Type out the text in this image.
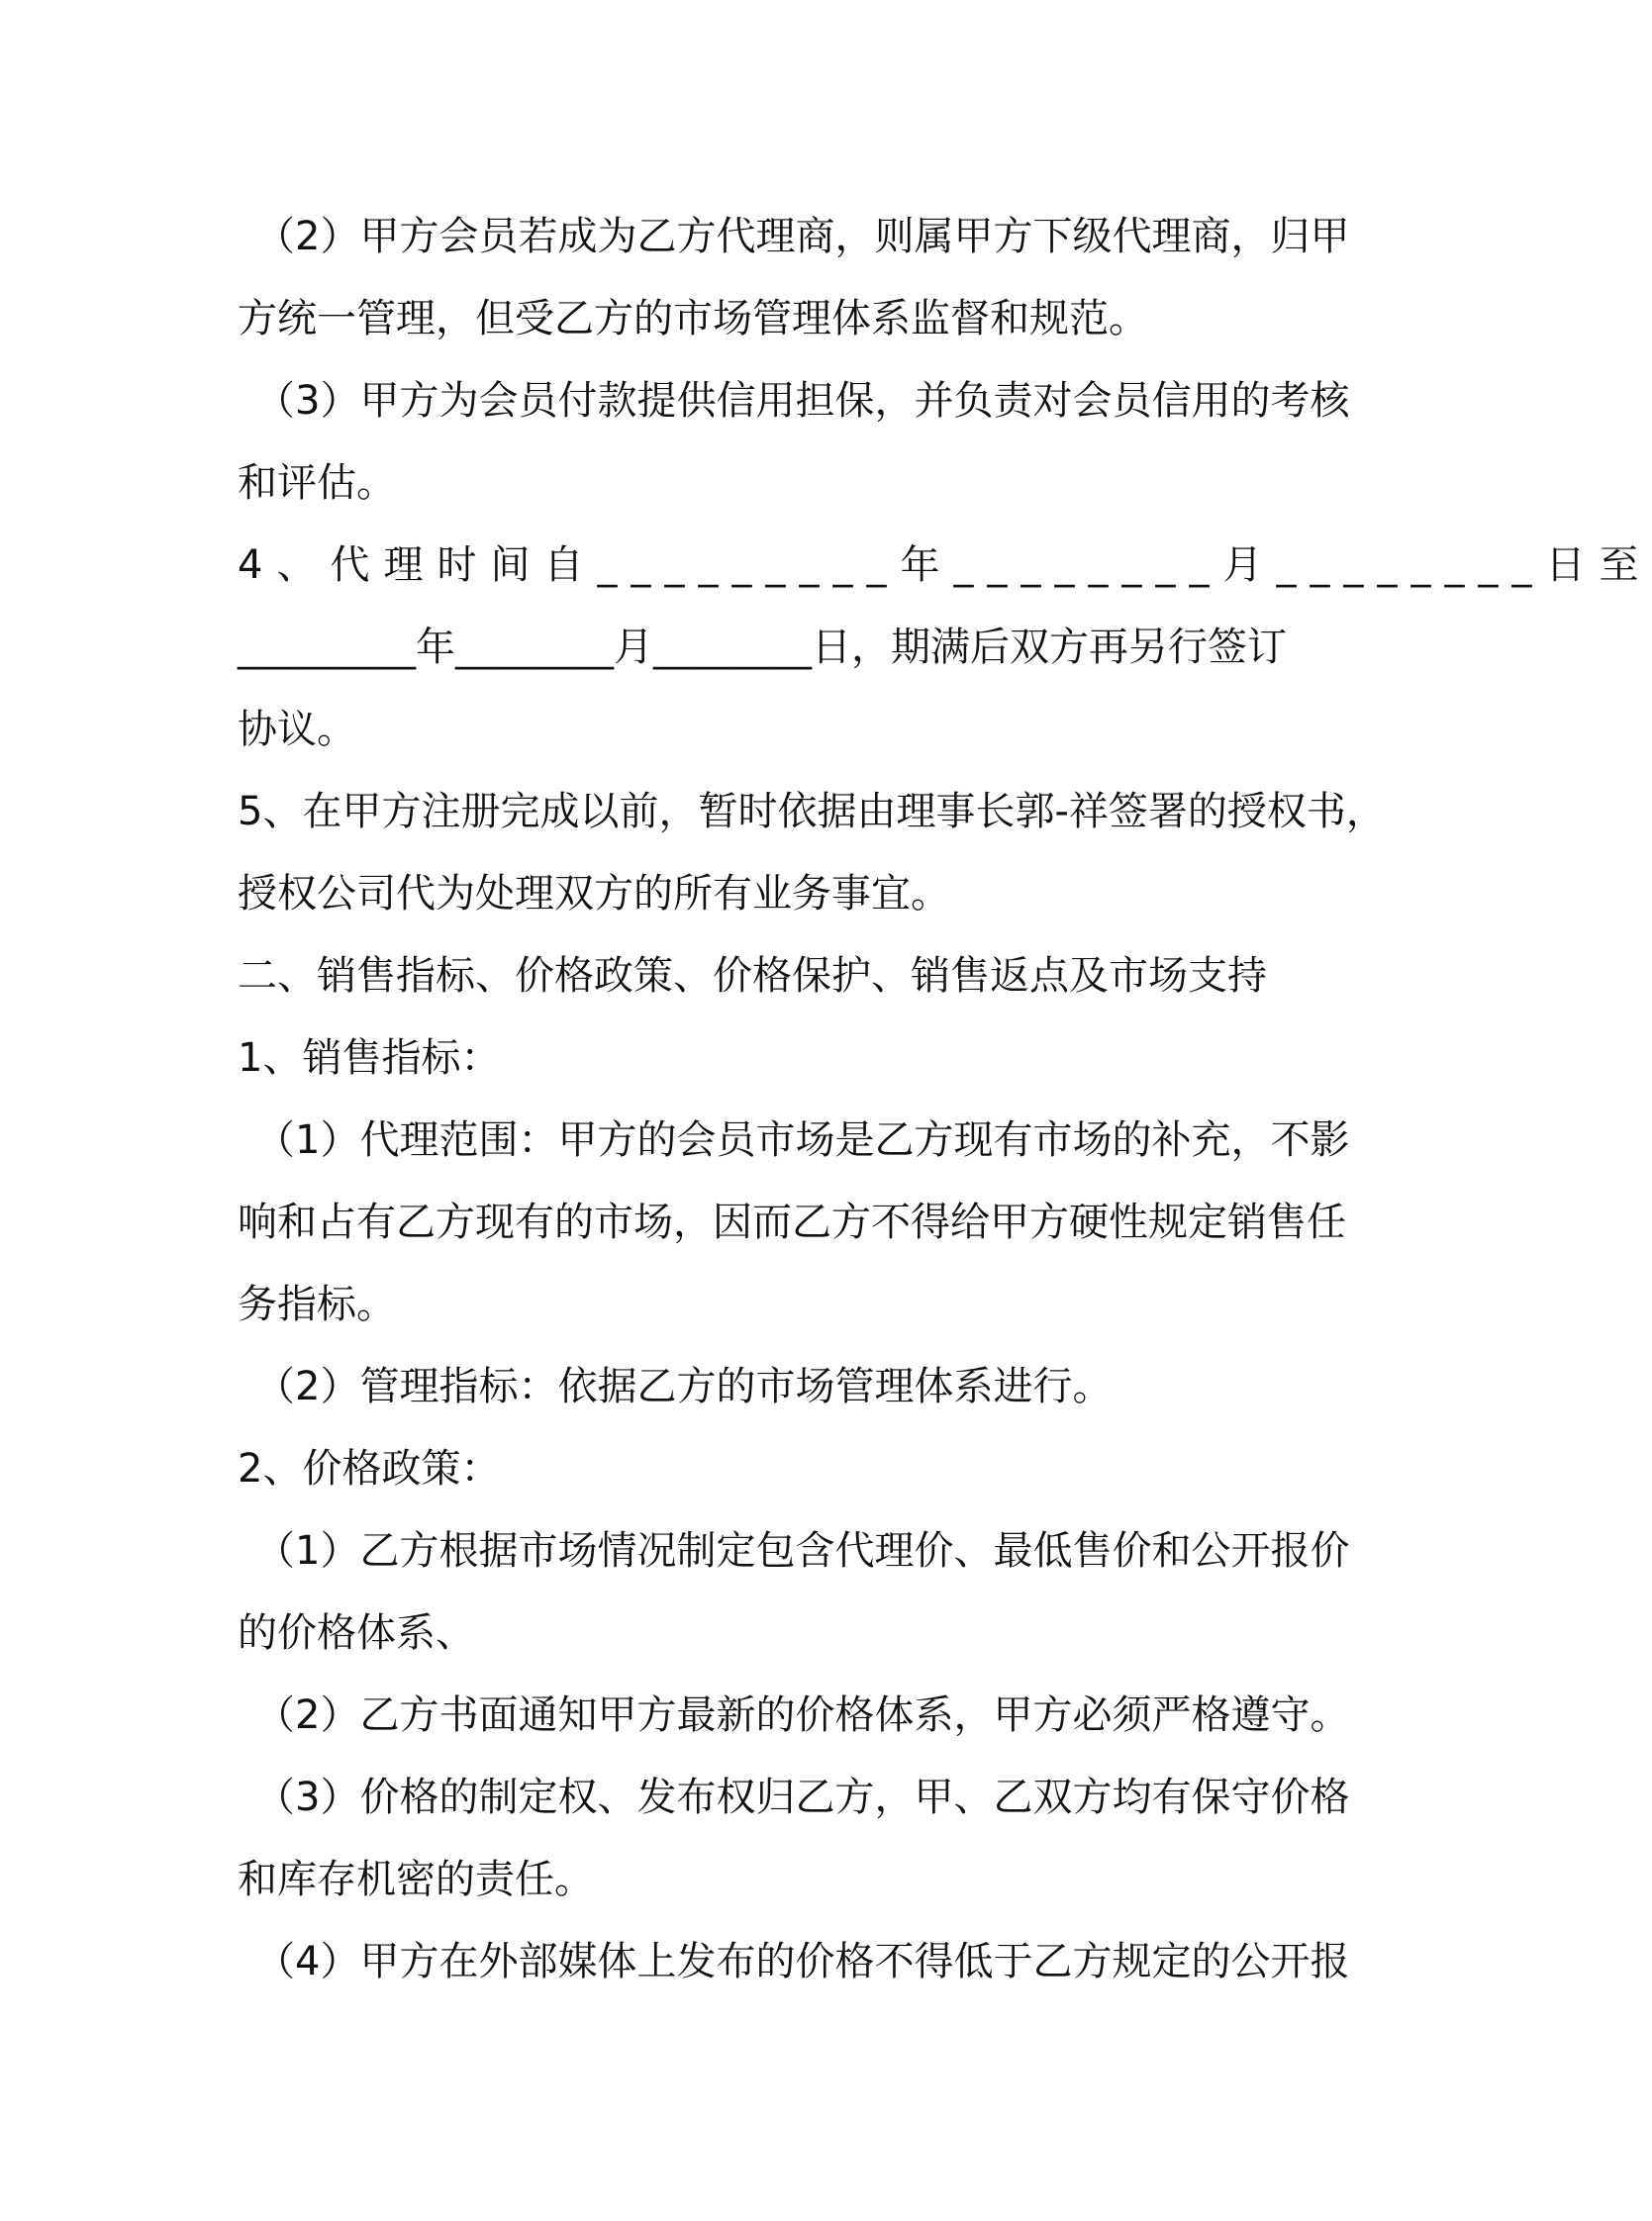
（2）甲方会员若成为乙方代理商，则属甲方下级代理商，归甲
方统一管理，但受乙方的市场管理体系监督和规范。
（3）甲方为会员付款提供信用担保，并负责对会员信用的考核
和评估。
4、代理时间自_________年________月________日至
_________年________月________日，期满后双方再另行签订
协议。
5、在甲方注册完成以前，暂时依据由理事长郭-祥签署的授权书，
授权公司代为处理双方的所有业务事宜。
二、销售指标、价格政策、价格保护、销售返点及市场支持
1、销售指标：
（1）代理范围：甲方的会员市场是乙方现有市场的补充，不影
响和占有乙方现有的市场，因而乙方不得给甲方硬性规定销售任
务指标。
（2）管理指标：依据乙方的市场管理体系进行。
2、价格政策：
（1）乙方根据市场情况制定包含代理价、最低售价和公开报价
的价格体系、
（2）乙方书面通知甲方最新的价格体系，甲方必须严格遵守。
（3）价格的制定权、发布权归乙方，甲、乙双方均有保守价格
和库存机密的责任。
（4）甲方在外部媒体上发布的价格不得低于乙方规定的公开报
